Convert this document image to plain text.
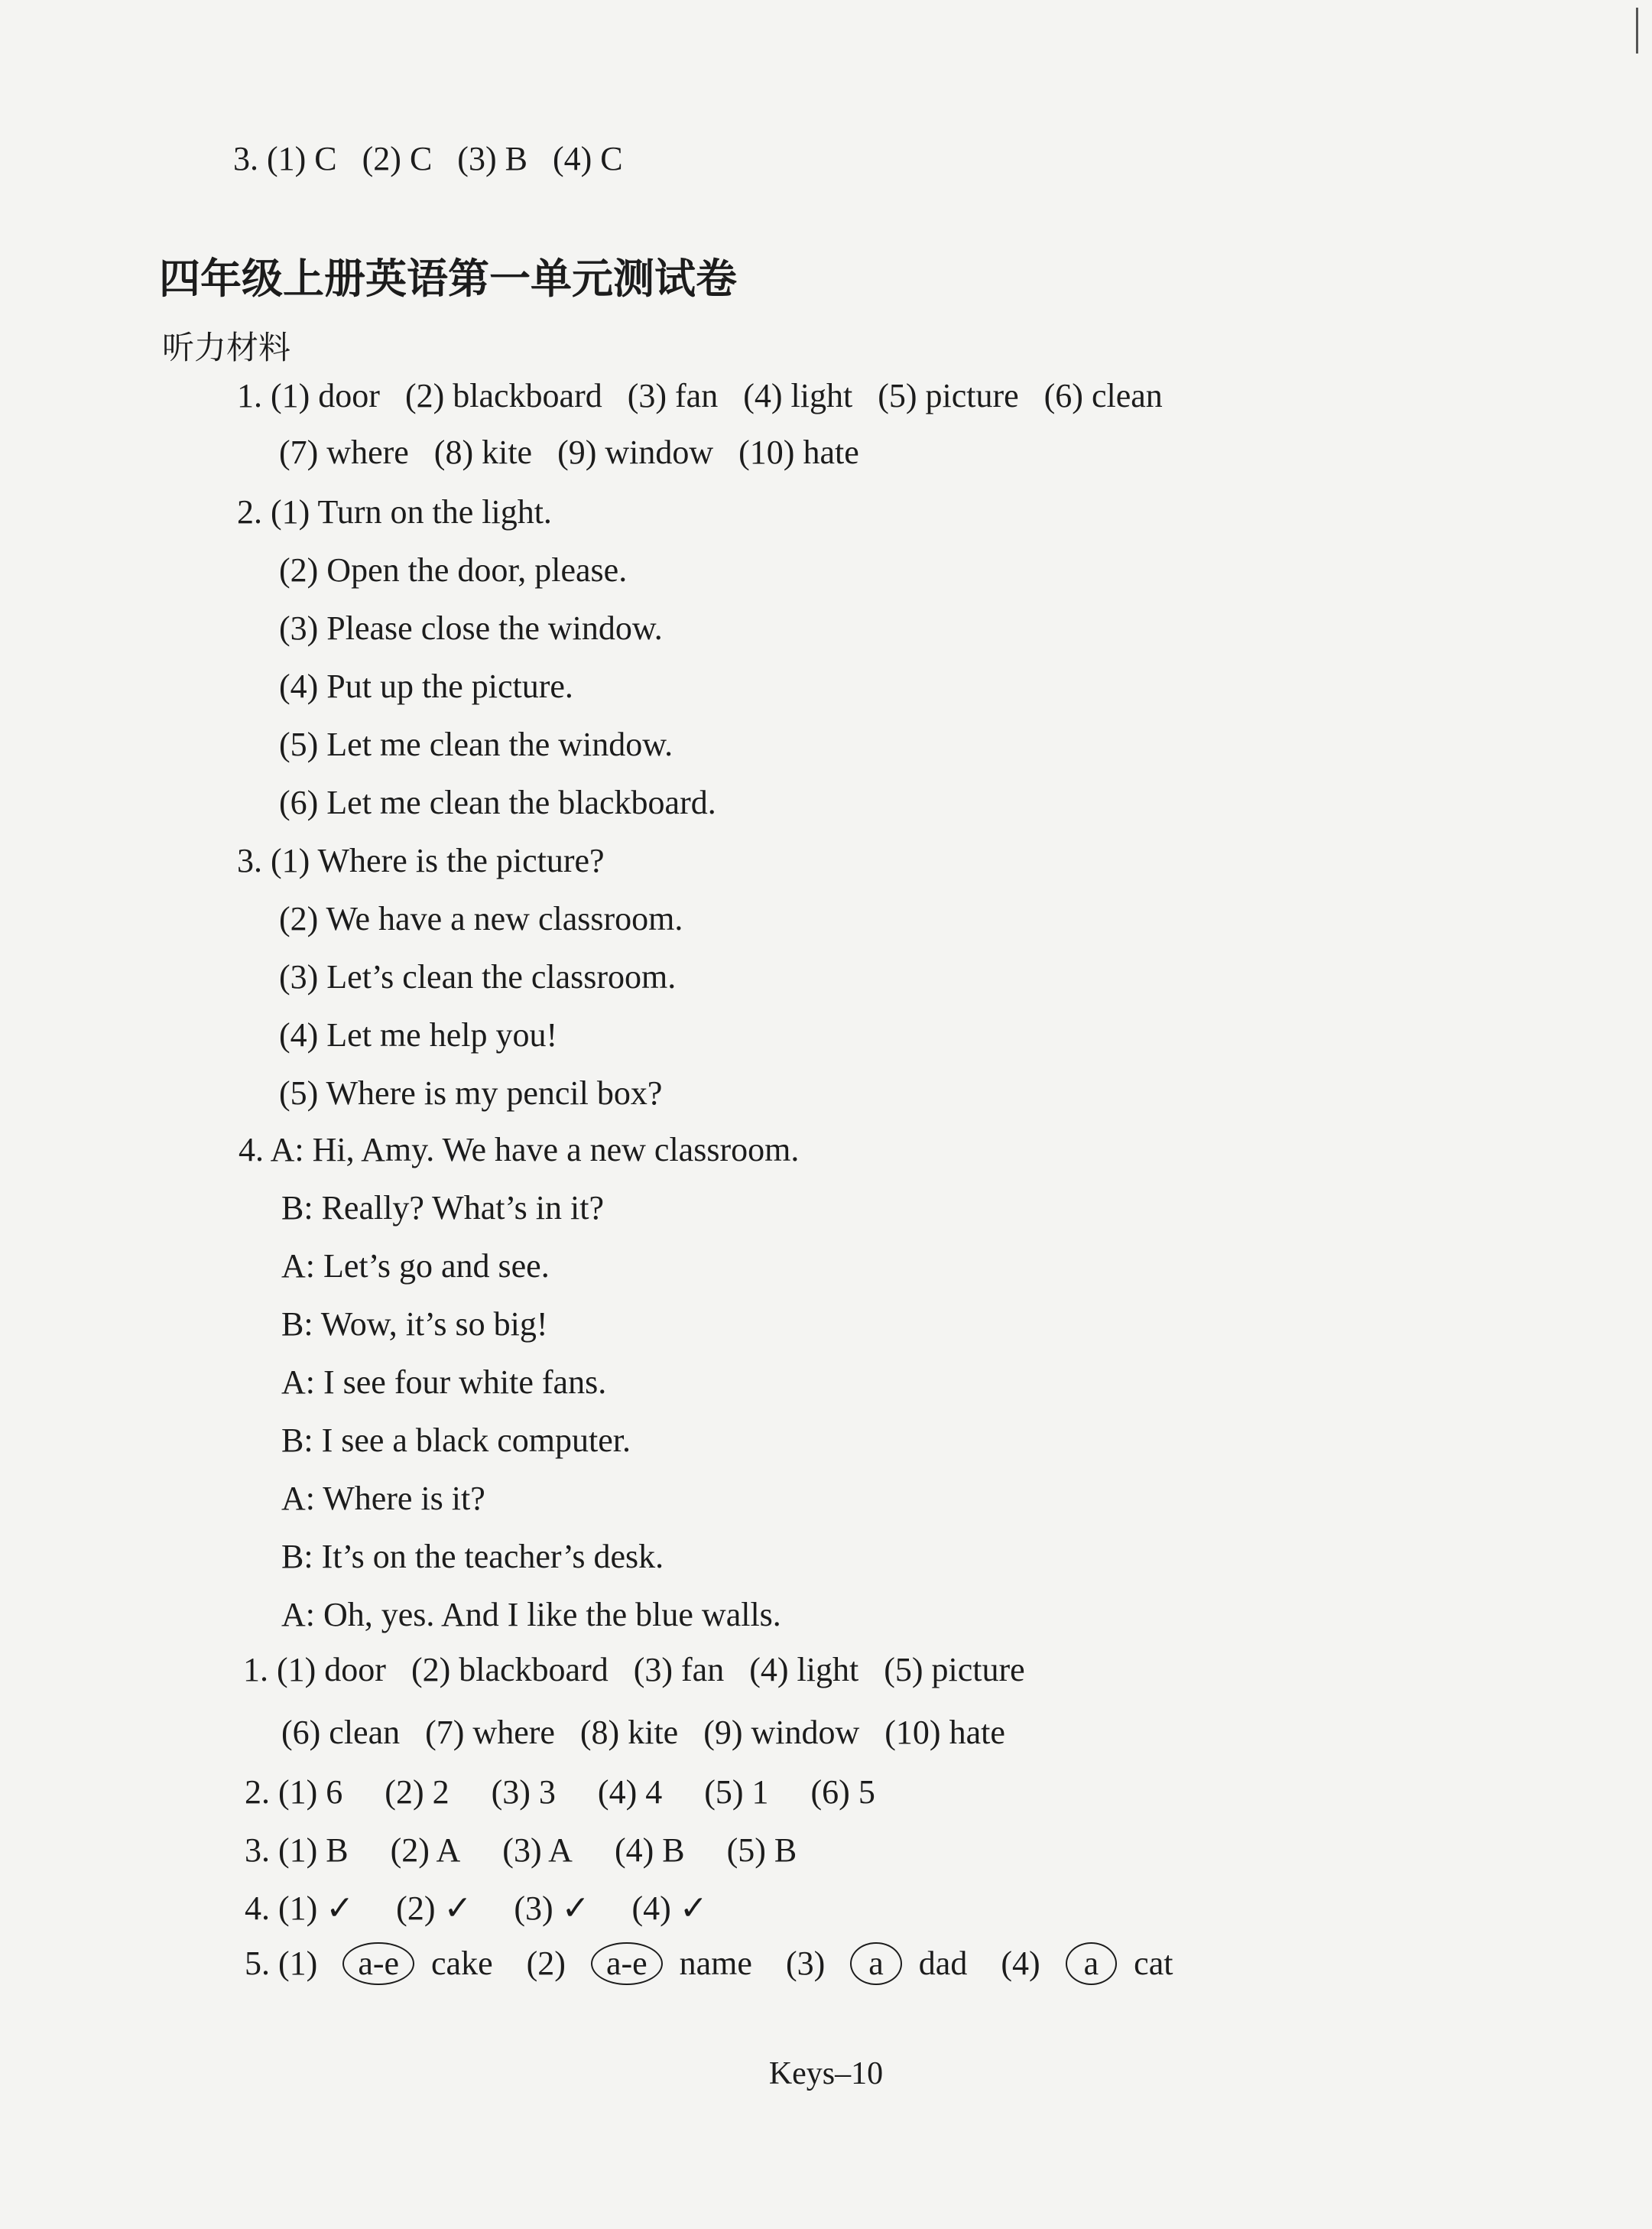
3. (1) C   (2) C   (3) B   (4) C
四年级上册英语第一单元测试卷
听力材料
1. (1) door   (2) blackboard   (3) fan   (4) light   (5) picture   (6) clean
(7) where   (8) kite   (9) window   (10) hate
2. (1) Turn on the light.
(2) Open the door, please.
(3) Please close the window.
(4) Put up the picture.
(5) Let me clean the window.
(6) Let me clean the blackboard.
3. (1) Where is the picture?
(2) We have a new classroom.
(3) Let’s clean the classroom.
(4) Let me help you!
(5) Where is my pencil box?
4. A: Hi, Amy. We have a new classroom.
B: Really? What’s in it?
A: Let’s go and see.
B: Wow, it’s so big!
A: I see four white fans.
B: I see a black computer.
A: Where is it?
B: It’s on the teacher’s desk.
A: Oh, yes. And I like the blue walls.
1. (1) door   (2) blackboard   (3) fan   (4) light   (5) picture
(6) clean   (7) where   (8) kite   (9) window   (10) hate
2. (1) 6     (2) 2     (3) 3     (4) 4     (5) 1     (6) 5
3. (1) B     (2) A     (3) A     (4) B     (5) B
4. (1) ✓     (2) ✓     (3) ✓     (4) ✓
5. (1) a-e cake (2) a-e name (3) a dad (4) a cat
Keys–10
